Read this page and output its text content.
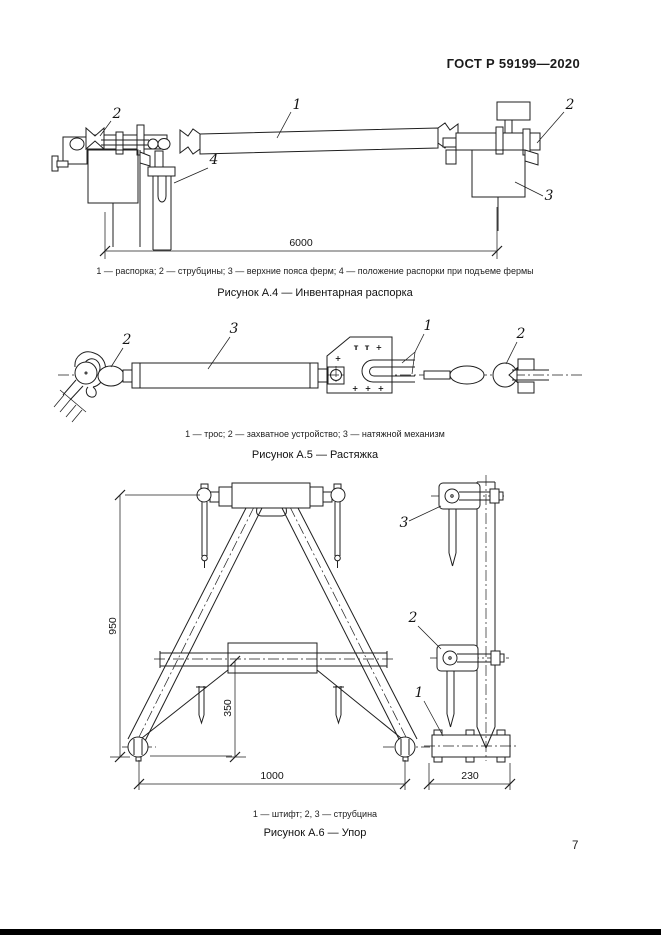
ГОСТ Р 59199—2020
1
2
4
2
3
6000
1 — распорка; 2 — струбцины; 3 — верхние пояса ферм; 4 — положение распорки при подъеме фермы
Рисунок А.4 — Инвентарная распорка
т т +
+
+ + +
2
3	1	2
1 — трос; 2 — захватное устройство; 3 — натяжной механизм
Рисунок А.5 — Растяжка
950
350
1000	230
3
2
1
1 — штифт; 2, 3 — струбцина
Рисунок А.6 — Упор
7
